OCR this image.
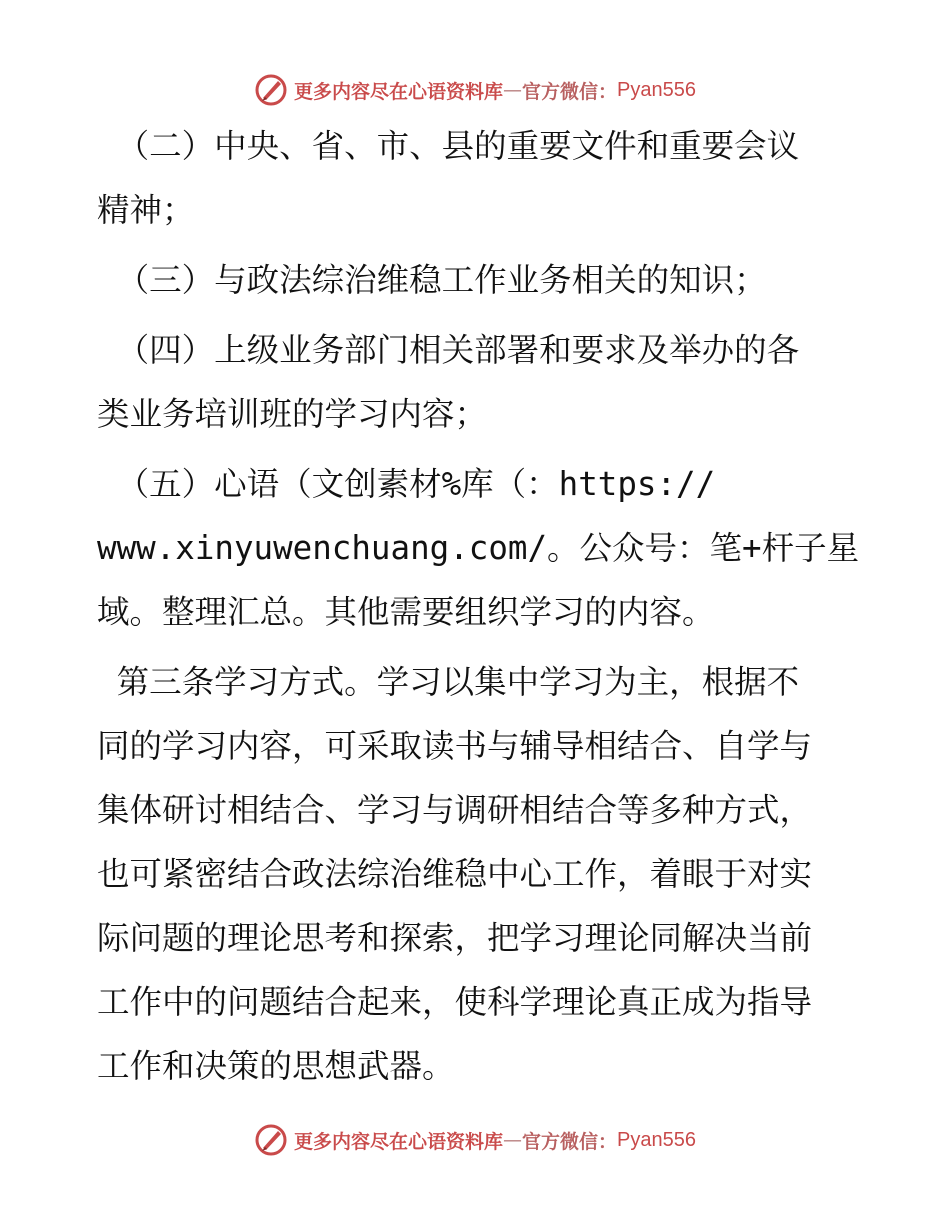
更多内容尽在心语资料库 — 官方微信： Pyan556
（二）中央、省、市、县的重要文件和重要会议
精神；
（三）与政法综治维稳工作业务相关的知识；
（四）上级业务部门相关部署和要求及举办的各
类业务培训班的学习内容；
（五）心语（文创素材%库（：https://
www.xinyuwenchuang.com/。公众号：笔+杆子星
域。整理汇总。其他需要组织学习的内容。
第三条学习方式。学习以集中学习为主，根据不
同的学习内容，可采取读书与辅导相结合、自学与
集体研讨相结合、学习与调研相结合等多种方式，
也可紧密结合政法综治维稳中心工作，着眼于对实
际问题的理论思考和探索，把学习理论同解决当前
工作中的问题结合起来，使科学理论真正成为指导
工作和决策的思想武器。
更多内容尽在心语资料库 — 官方微信： Pyan556
